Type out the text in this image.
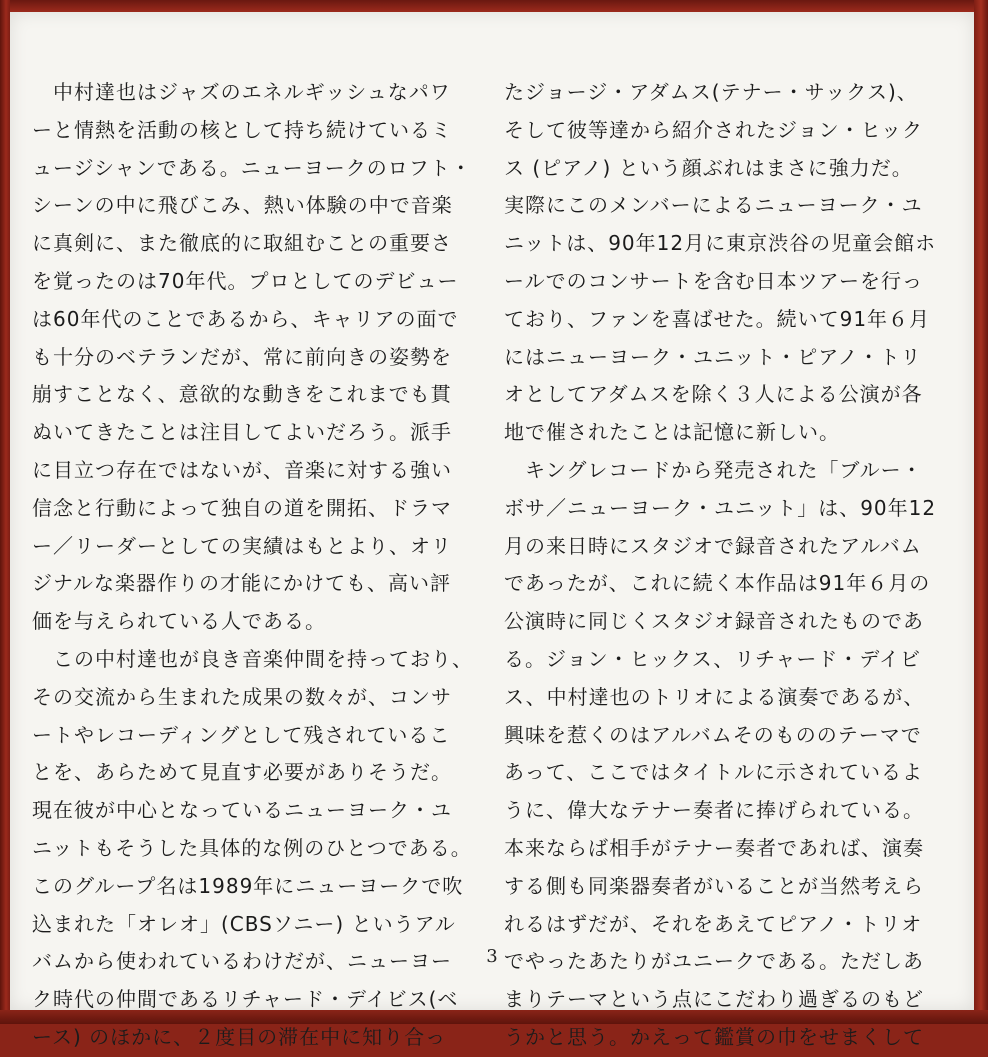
　中村達也はジャズのエネルギッシュなパワ
ーと情熱を活動の核として持ち続けているミ
ュージシャンである。ニューヨークのロフト・
シーンの中に飛びこみ、熱い体験の中で音楽
に真剣に、また徹底的に取組むことの重要さ
を覚ったのは70年代。プロとしてのデビュー
は60年代のことであるから、キャリアの面で
も十分のベテランだが、常に前向きの姿勢を
崩すことなく、意欲的な動きをこれまでも貫
ぬいてきたことは注目してよいだろう。派手
に目立つ存在ではないが、音楽に対する強い
信念と行動によって独自の道を開拓、ドラマ
ー／リーダーとしての実績はもとより、オリ
ジナルな楽器作りの才能にかけても、高い評
価を与えられている人である。
　この中村達也が良き音楽仲間を持っており、
その交流から生まれた成果の数々が、コンサ
ートやレコーディングとして残されているこ
とを、あらためて見直す必要がありそうだ。
現在彼が中心となっているニューヨーク・ユ
ニットもそうした具体的な例のひとつである。
このグループ名は1989年にニューヨークで吹
込まれた「オレオ」(CBSソニー) というアル
バムから使われているわけだが、ニューヨー
ク時代の仲間であるリチャード・デイビス(ベ
ース) のほかに、２度目の滞在中に知り合っ
たジョージ・アダムス(テナー・サックス)、
そして彼等達から紹介されたジョン・ヒック
ス (ピアノ) という顔ぶれはまさに強力だ。
実際にこのメンバーによるニューヨーク・ユ
ニットは、90年12月に東京渋谷の児童会館ホ
ールでのコンサートを含む日本ツアーを行っ
ており、ファンを喜ばせた。続いて91年６月
にはニューヨーク・ユニット・ピアノ・トリ
オとしてアダムスを除く３人による公演が各
地で催されたことは記憶に新しい。
　キングレコードから発売された「ブルー・
ボサ／ニューヨーク・ユニット」は、90年12
月の来日時にスタジオで録音されたアルバム
であったが、これに続く本作品は91年６月の
公演時に同じくスタジオ録音されたものであ
る。ジョン・ヒックス、リチャード・デイビ
ス、中村達也のトリオによる演奏であるが、
興味を惹くのはアルバムそのもののテーマで
あって、ここではタイトルに示されているよ
うに、偉大なテナー奏者に捧げられている。
本来ならば相手がテナー奏者であれば、演奏
する側も同楽器奏者がいることが当然考えら
れるはずだが、それをあえてピアノ・トリオ
でやったあたりがユニークである。ただしあ
まりテーマという点にこだわり過ぎるのもど
うかと思う。かえって鑑賞の巾をせまくして
3
